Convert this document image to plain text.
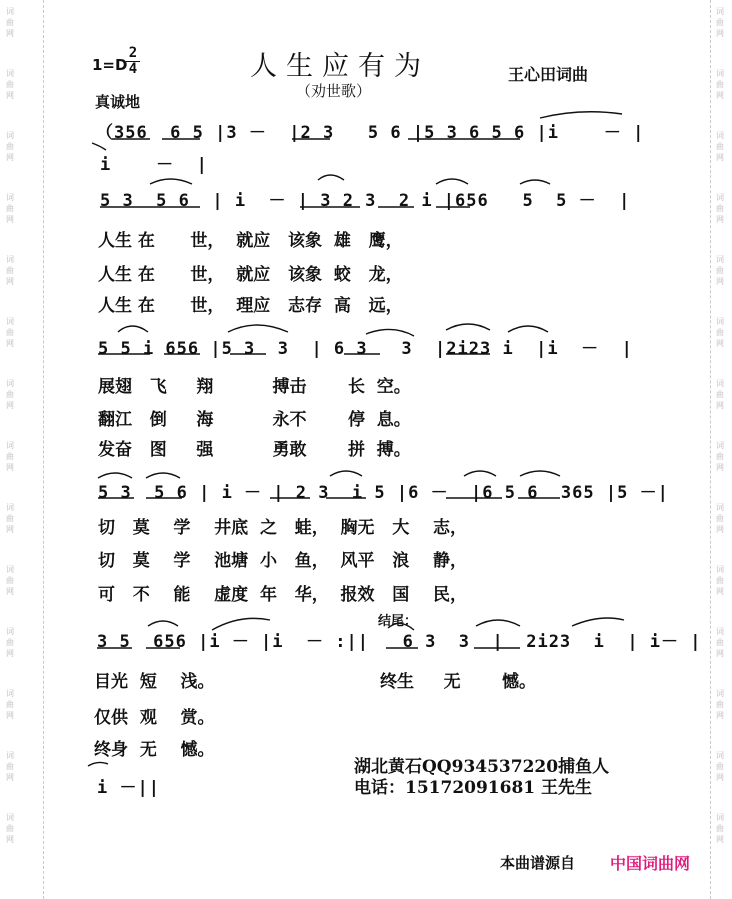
词曲网
词曲网
词曲网
词曲网
词曲网
词曲网
词曲网
词曲网
词曲网
词曲网
词曲网
词曲网
词曲网
词曲网
词曲网
词曲网
词曲网
词曲网
词曲网
词曲网
词曲网
词曲网
词曲网
词曲网
词曲网
词曲网
词曲网
词曲网
1=D
2
4	人生应有为
（劝世歌）
王心田词曲
真诚地
（356  6 5 |3 －  |2 3   5 6 |5 3 6 5 6 |i    － |
i    －  |
5 3  5 6  | i  － | 3 2 3  2 i |656   5  5 －  |
人生 在      世，  就应   该象  雄   鹰，
人生 在      世，  就应   该象  蛟   龙，
人生 在      世，  理应   志存  高   远，
5 5 i 656 |5 3  3  | 6 3   3  |2i23 i  |i  －  |
展翅   飞     翔          搏击       长  空。
翻江   倒     海          永不       停  息。
发奋   图     强          勇敢       拼  搏。
5 3  5 6 | i － | 2 3  i 5 |6 －  |6 5 6  365 |5 －|
切   莫    学    井底  之   蛙，  胸无   大    志，
切   莫    学    池塘  小   鱼，  风平   浪    静，
可   不    能    虚度  年   华，  报效   国    民，
结尾：
3 5  656 |i － |i  － :||   6 3  3  |  2i23  i  | i－ |
目光  短    浅。	终生     无       憾。
仅供  观    赏。
终身  无    憾。
i －||
湖北黄石QQ934537220捕鱼人
电话：15172091681 王先生
本曲谱源自 中国词曲网
